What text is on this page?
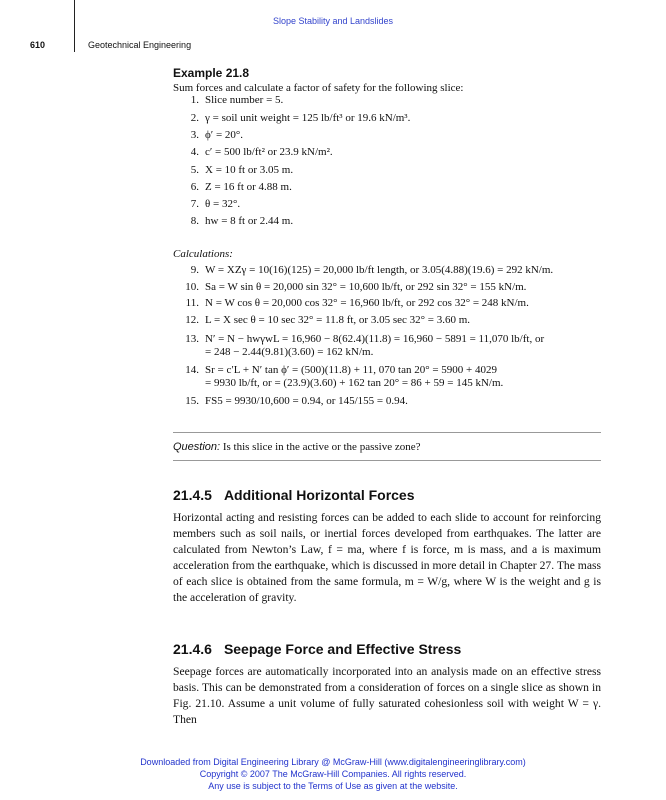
Slope Stability and Landslides
610	Geotechnical Engineering
Example 21.8
Sum forces and calculate a factor of safety for the following slice:
1. Slice number = 5.
2. γ = soil unit weight = 125 lb/ft³ or 19.6 kN/m³.
3. ϕ′ = 20°.
4. c′ = 500 lb/ft² or 23.9 kN/m².
5. X = 10 ft or 3.05 m.
6. Z = 16 ft or 4.88 m.
7. θ = 32°.
8. hw = 8 ft or 2.44 m.
Calculations:
9. W = XZγ = 10(16)(125) = 20,000 lb/ft length, or 3.05(4.88)(19.6) = 292 kN/m.
10. Sa = W sin θ = 20,000 sin 32° = 10,600 lb/ft, or 292 sin 32° = 155 kN/m.
11. N = W cos θ = 20,000 cos 32° = 16,960 lb/ft, or 292 cos 32° = 248 kN/m.
12. L = X sec θ = 10 sec 32° = 11.8 ft, or 3.05 sec 32° = 3.60 m.
13. N′ = N − hwγwL = 16,960 − 8(62.4)(11.8) = 16,960 − 5891 = 11,070 lb/ft, or
= 248 − 2.44(9.81)(3.60) = 162 kN/m.
14. Sr = c′L + N′ tan ϕ′ = (500)(11.8) + 11, 070 tan 20° = 5900 + 4029
= 9930 lb/ft, or = (23.9)(3.60) + 162 tan 20° = 86 + 59 = 145 kN/m.
15. FS5 = 9930/10,600 = 0.94, or 145/155 = 0.94.
Question: Is this slice in the active or the passive zone?
21.4.5 Additional Horizontal Forces
Horizontal acting and resisting forces can be added to each slide to account for reinforcing members such as soil nails, or inertial forces developed from earthquakes. The latter are calculated from Newton’s Law, f = ma, where f is force, m is mass, and a is maximum acceleration from the earthquake, which is discussed in more detail in Chapter 27. The mass of each slice is obtained from the same formula, m = W/g, where W is the weight and g is the acceleration of gravity.
21.4.6 Seepage Force and Effective Stress
Seepage forces are automatically incorporated into an analysis made on an effective stress basis. This can be demonstrated from a consideration of forces on a single slice as shown in Fig. 21.10. Assume a unit volume of fully saturated cohesionless soil with weight W = γ. Then
Downloaded from Digital Engineering Library @ McGraw-Hill (www.digitalengineeringlibrary.com)
Copyright © 2007 The McGraw-Hill Companies. All rights reserved.
Any use is subject to the Terms of Use as given at the website.
